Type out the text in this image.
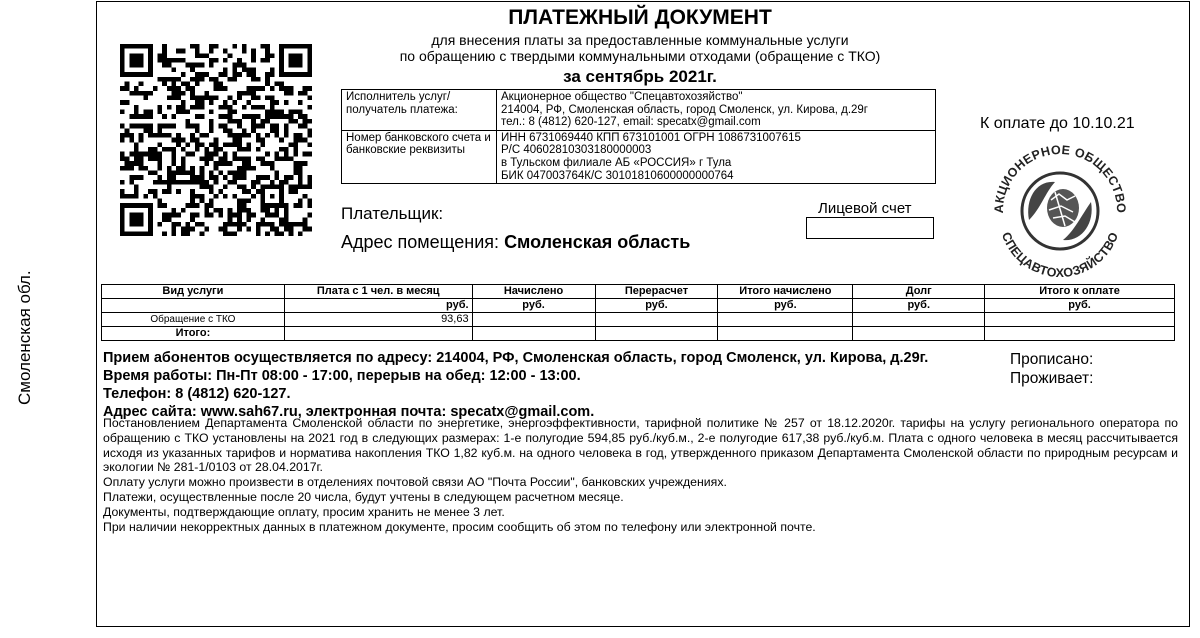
Смоленская обл.
ПЛАТЕЖНЫЙ ДОКУМЕНТ
для внесения платы за предоставленные коммунальные услуги
по обращению с твердыми коммунальными отходами (обращение с ТКО)
за сентябрь 2021г.
Исполнитель услуг/ получатель платежа:	Акционерное общество "Спецавтохозяйство"
214004, РФ, Смоленская область, город Смоленск, ул. Кирова, д.29г
тел.: 8 (4812) 620-127, email: specatx@gmail.com

Номер банковского счета и банковские реквизиты	ИНН 6731069440 КПП 673101001 ОГРН 1086731007615
Р/С 40602810303180000003
в Тульском филиале АБ «РОССИЯ» г Тула
БИК 047003764К/С 30101810600000000764
К оплате до 10.10.21
АКЦИОНЕРНОЕ ОБЩЕСТВО
СПЕЦАВТОХОЗЯЙСТВО
Плательщик:
Адрес помещения: Смоленская область
Лицевой счет
Вид услуги	Плата с 1 чел. в месяц	Начислено	Перерасчет	Итого начислено	Долг	Итого к оплате
	руб.	руб.	руб.	руб.	руб.	руб.
Обращение с ТКО	93,63					
Итого:						
Прием абонентов осуществляется по адресу: 214004, РФ, Смоленская область, город Смоленск, ул. Кирова, д.29г.
Время работы: Пн-Пт 08:00 - 17:00, перерыв на обед: 12:00 - 13:00.
Телефон: 8 (4812) 620-127.
Адрес сайта: www.sah67.ru, электронная почта: specatx@gmail.com.
Прописано:
Проживает:

Постановлением Департамента Смоленской области по энергетике, энергоэффективности, тарифной политике № 257 от 18.12.2020г. тарифы на услугу регионального оператора по обращению с ТКО установлены на 2021 год в следующих размерах: 1-е полугодие 594,85 руб./куб.м., 2-е полугодие 617,38 руб./куб.м. Плата с одного человека в месяц рассчитывается исходя из указанных тарифов и норматива накопления ТКО 1,82 куб.м. на одного человека в год, утвержденного приказом Департамента Смоленской области по природным ресурсам и экологии № 281-1/0103 от 28.04.2017г.

Оплату услуги можно произвести в отделениях почтовой связи АО "Почта России", банковских учреждениях.

Платежи, осуществленные после 20 числа, будут учтены в следующем расчетном месяце.

Документы, подтверждающие оплату, просим хранить не менее 3 лет.

При наличии некорректных данных в платежном документе, просим сообщить об этом по телефону или электронной почте.
